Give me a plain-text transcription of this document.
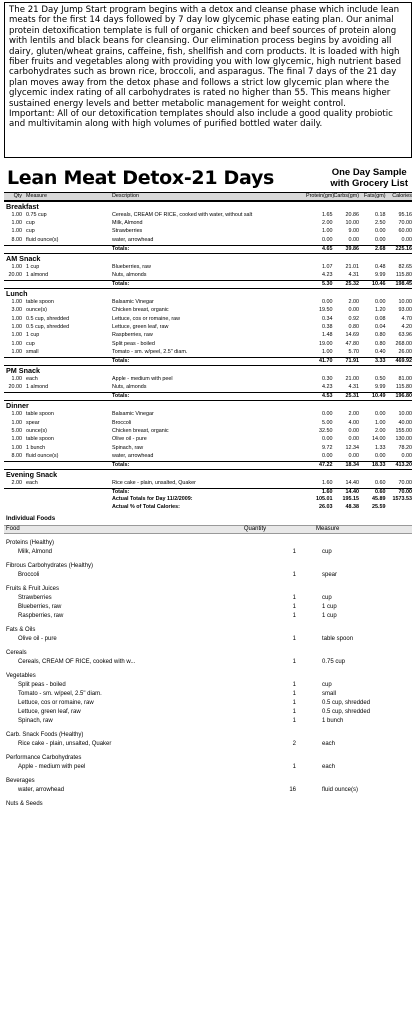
The 21 Day Jump Start program begins with a detox and cleanse phase which include lean meats for the first 14 days followed by 7 day low glycemic phase eating plan. Our animal protein detoxification template is full of organic chicken and beef sources of protein along with lentils and black beans for cleansing. Our elimination process begins by avoiding all dairy, gluten/wheat grains, caffeine, fish, shellfish and corn products. It is loaded with high fiber fruits and vegetables along with providing you with low glycemic, high nutrient based carbohydrates such as brown rice, broccoli, and asparagus. The final 7 days of the 21 day plan moves away from the detox phase and follows a strict low glycemic plan where the glycemic index rating of all carbohydrates is rated no higher than 55. This means higher sustained energy levels and better metabolic management for weight control.

Important: All of our detoxification templates should also include a good quality probiotic and multivitamin along with high volumes of purified bottled water daily.

Lean Meat Detox-21 Days	One Day Sample
with Grocery List
Qty Measure	Description	Protein(gm) Carbs(gm) Fats(gm)	Calories
Breakfast
1.00 0.75 cup	Cereals, CREAM OF RICE, cooked with water, without salt	1.65	20.86	0.18	95.16
1.00 cup	Milk, Almond	2.00	10.00	2.50	70.00
1.00 cup	Strawberries	1.00	9.00	0.00	60.00
8.00 fluid ounce(s)	water, arrowhead	0.00	0.00	0.00	0.00
Totals:	4.65	39.86	2.68	225.16
AM Snack
1.00 1 cup	Blueberries, raw	1.07	21.01	0.48	82.65
20.00 1 almond	Nuts, almonds	4.23	4.31	9.99	115.80
Totals:	5.30	25.32	10.46	198.45
Lunch
1.00 table spoon	Balsamic Vinegar	0.00	2.00	0.00	10.00
3.00 ounce(s)	Chicken breast, organic	19.50	0.00	1.20	93.00
1.00 0.5 cup, shredded	Lettuce, cos or romaine, raw	0.34	0.92	0.08	4.70
1.00 0.5 cup, shredded	Lettuce, green leaf, raw	0.38	0.80	0.04	4.20
1.00 1 cup	Raspberries, raw	1.48	14.69	0.80	63.96
1.00 cup	Split peas - boiled	19.00	47.80	0.80	268.00
1.00 small	Tomato - sm. w/peel, 2.5" diam.	1.00	5.70	0.40	26.00
Totals:	41.70	71.91	3.33	469.92
PM Snack
1.00 each	Apple - medium with peel	0.30	21.00	0.50	81.00
20.00 1 almond	Nuts, almonds	4.23	4.31	9.99	115.80
Totals:	4.53	25.31	10.49	196.80
Dinner
1.00 table spoon	Balsamic Vinegar	0.00	2.00	0.00	10.00
1.00 spear	Broccoli	5.00	4.00	1.00	40.00
5.00 ounce(s)	Chicken breast, organic	32.50	0.00	2.00	155.00
1.00 table spoon	Olive oil - pure	0.00	0.00	14.00	130.00
1.00 1 bunch	Spinach, raw	9.72	12.34	1.33	78.20
8.00 fluid ounce(s)	water, arrowhead	0.00	0.00	0.00	0.00
Totals:	47.22	18.34	18.33	413.20
Evening Snack
2.00 each	Rice cake - plain, unsalted, Quaker	1.60	14.40	0.60	70.00
Totals:	1.60	14.40	0.60	70.00
Actual Totals for Day 11/2/2009:	105.01	195.15	45.89	1573.53
Actual % of Total Calories:	26.03	48.38	25.59
Individual Foods
Food	Quantity	Measure
Proteins (Healthy)
Milk, Almond	1	cup
Fibrous Carbohydrates (Healthy)
Broccoli	1	spear
Fruits & Fruit Juices
Strawberries	1	cup
Blueberries, raw	1	1 cup
Raspberries, raw	1	1 cup
Fats & Oils
Olive oil - pure	1	table spoon
Cereals
Cereals, CREAM OF RICE, cooked with w...	1	0.75 cup
Vegetables
Split peas - boiled	1	cup
Tomato - sm. w/peel, 2.5" diam.	1	small
Lettuce, cos or romaine, raw	1	0.5 cup, shredded
Lettuce, green leaf, raw	1	0.5 cup, shredded
Spinach, raw	1	1 bunch
Carb. Snack Foods (Healthy)
Rice cake - plain, unsalted, Quaker	2	each
Performance Carbohydrates
Apple - medium with peel	1	each
Beverages
water, arrowhead	16	fluid ounce(s)
Nuts & Seeds
